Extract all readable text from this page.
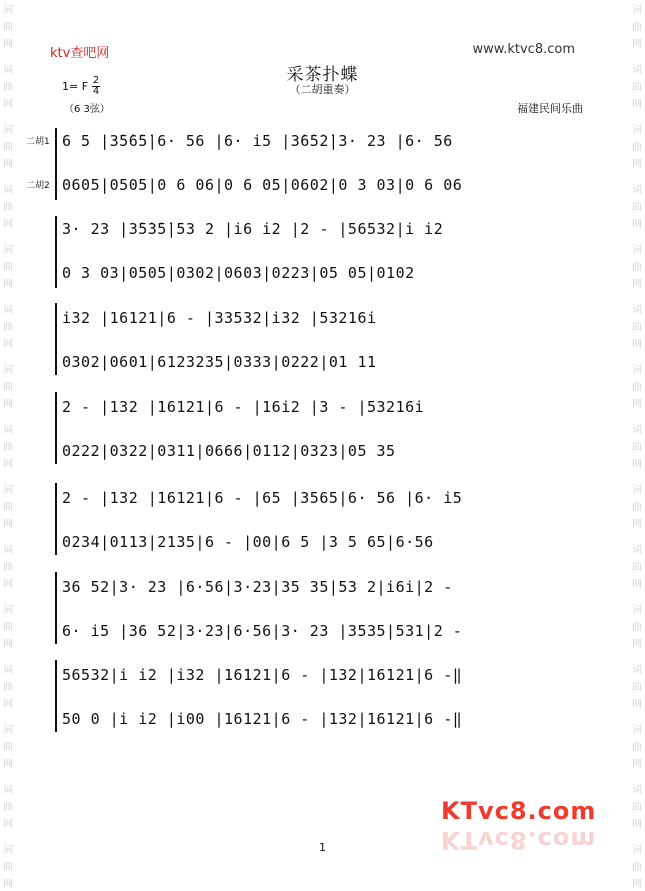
词
曲
网
词
曲
网
词
曲
网
词
曲
网
词
曲
网
词
曲
网
词
曲
网
词
曲
网
词
曲
网
词
曲
网
词
曲
网
词
曲
网
词
曲
网
词
曲
网
词
曲
网
词
曲
网
词
曲
网
词
曲
网
词
曲
网
词
曲
网
词
曲
网
词
曲
网
词
曲
网
词
曲
网
词
曲
网
词
曲
网
词
曲
网
词
曲
网
词
曲
网
词
曲
网
ktv查吧网	www.ktvc8.com
采茶扑蝶
（二胡重奏）
1= F 2
4
（6 3弦）	福建民间乐曲
二胡1
二胡2
6 5 |3̇5̇6̇5̇|6· 56 |6· i5 |3̇6̇5̇2̇|3· 23 |6· 56
0605|0505|0 6 06|0 6 05|0602|0 3 03|0 6 06
3· 23 |3̇5̇3̇5̇|53 2 |i6 i2 |2 - |56532|i i2
0 3 03|0505|0302|0603|0223|05 05|0102
i32 |16121|6 - |33532|i32 |53216i
0302|0601|6123235|0333|0222|01 11
2 - |132 |16121|6 - |16i2 |3 - |53216i
0222|0322|0311|0666|0112|0323|05 35
2 - |132 |16121|6 - |65 |3565|6· 56 |6· i5
0234|0113|2135|6 - |00|6 5 |3 5 65|6·56
36 52|3· 23 |6·56|3·23|35 35|53 2|i6i|2 -
6· i5 |36 52|3·23|6·56|3· 23 |3535|531|2 -
56532|i i2 |i32 |16121|6 - |132|16121|6 -‖
50 0 |i i2 |i00 |16121|6 - |132|16121|6 -‖
KTvc8.com
KTvc8.com
1
